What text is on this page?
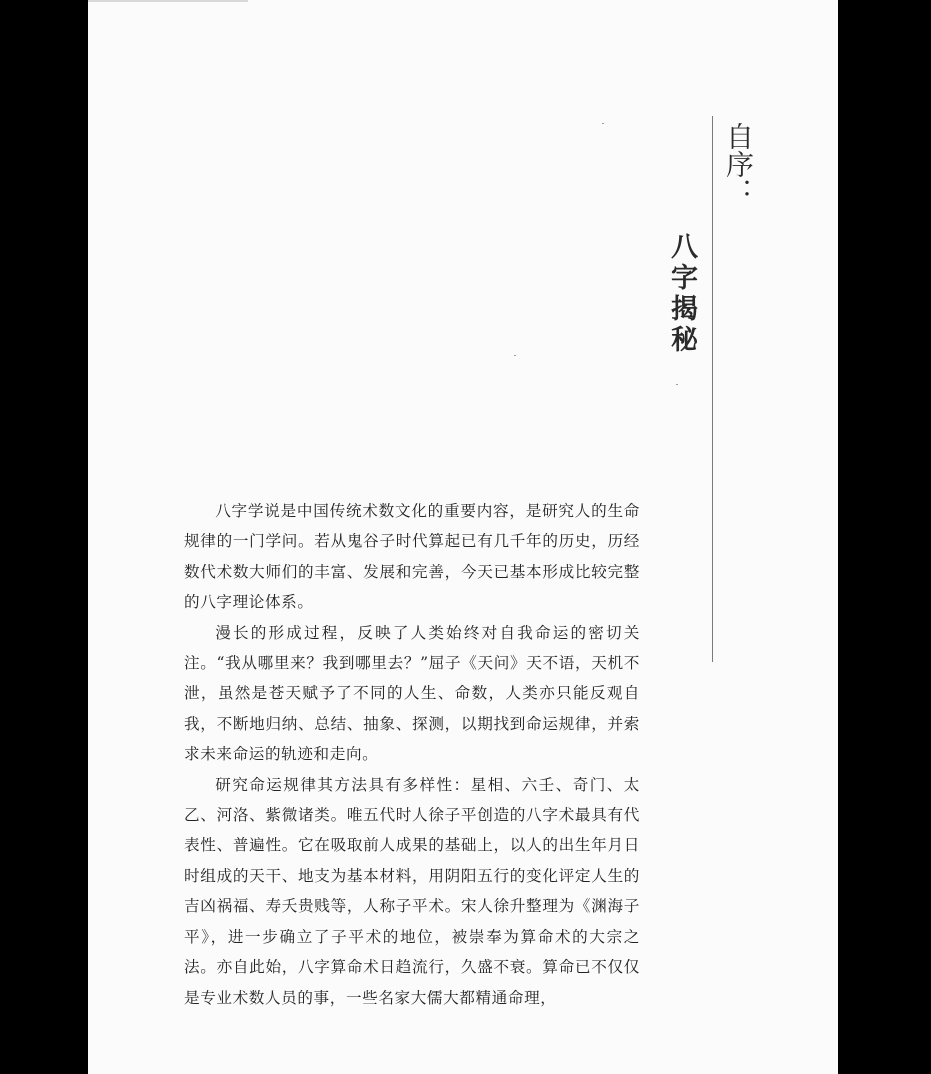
自序：
八字揭秘

八字学说是中国传统术数文化的重要内容，是研究人的生命规律的一门学问。若从鬼谷子时代算起已有几千年的历史，历经数代术数大师们的丰富、发展和完善，今天已基本形成比较完整的八字理论体系。

漫长的形成过程，反映了人类始终对自我命运的密切关注。“我从哪里来？我到哪里去？”屈子《天问》天不语，天机不泄，虽然是苍天赋予了不同的人生、命数，人类亦只能反观自我，不断地归纳、总结、抽象、探测，以期找到命运规律，并索求未来命运的轨迹和走向。

研究命运规律其方法具有多样性：星相、六壬、奇门、太乙、河洛、紫微诸类。唯五代时人徐子平创造的八字术最具有代表性、普遍性。它在吸取前人成果的基础上，以人的出生年月日时组成的天干、地支为基本材料，用阴阳五行的变化评定人生的吉凶祸福、寿夭贵贱等，人称子平术。宋人徐升整理为《渊海子平》，进一步确立了子平术的地位，被崇奉为算命术的大宗之法。亦自此始，八字算命术日趋流行，久盛不衰。算命已不仅仅是专业术数人员的事，一些名家大儒大都精通命理，
